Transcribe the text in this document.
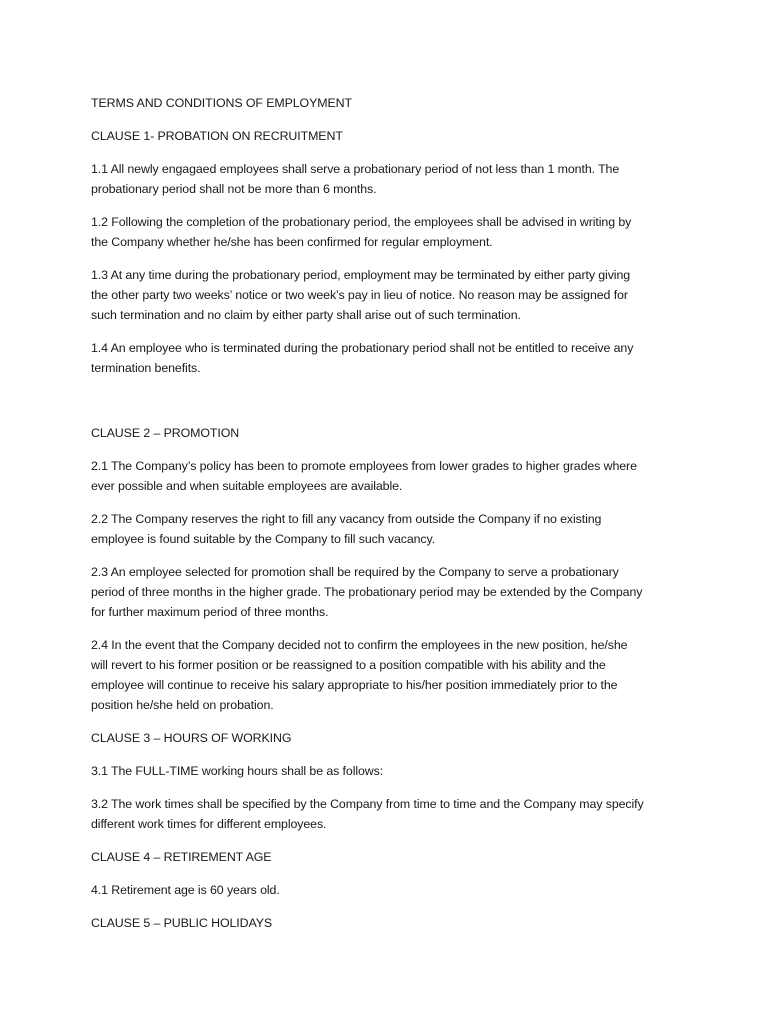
TERMS AND CONDITIONS OF EMPLOYMENT

CLAUSE 1- PROBATION ON RECRUITMENT

1.1 All newly engagaed employees shall serve a probationary period of not less than 1 month. The

probationary period shall not be more than 6 months.

1.2 Following the completion of the probationary period, the employees shall be advised in writing by

the Company whether he/she has been confirmed for regular employment.

1.3 At any time during the probationary period, employment may be terminated by either party giving

the other party two weeks’ notice or two week’s pay in lieu of notice. No reason may be assigned for

such termination and no claim by either party shall arise out of such termination.

1.4 An employee who is terminated during the probationary period shall not be entitled to receive any

termination benefits.

CLAUSE 2 – PROMOTION

2.1 The Company’s policy has been to promote employees from lower grades to higher grades where

ever possible and when suitable employees are available.

2.2 The Company reserves the right to fill any vacancy from outside the Company if no existing

employee is found suitable by the Company to fill such vacancy.

2.3 An employee selected for promotion shall be required by the Company to serve a probationary

period of three months in the higher grade. The probationary period may be extended by the Company

for further maximum period of three months.

2.4 In the event that the Company decided not to confirm the employees in the new position, he/she

will revert to his former position or be reassigned to a position compatible with his ability and the

employee will continue to receive his salary appropriate to his/her position immediately prior to the

position he/she held on probation.

CLAUSE 3 – HOURS OF WORKING

3.1 The FULL-TIME working hours shall be as follows:

3.2 The work times shall be specified by the Company from time to time and the Company may specify

different work times for different employees.

CLAUSE 4 – RETIREMENT AGE

4.1 Retirement age is 60 years old.

CLAUSE 5 – PUBLIC HOLIDAYS
